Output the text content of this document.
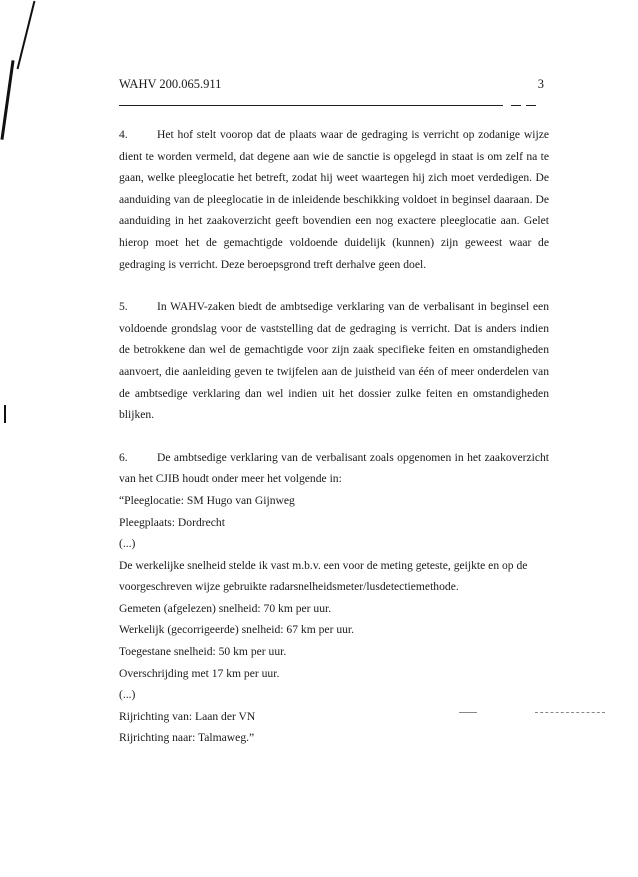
WAHV 200.065.911	3

4.	Het hof stelt voorop dat de plaats waar de gedraging is verricht op zodanige wijze dient te worden vermeld, dat degene aan wie de sanctie is opgelegd in staat is om zelf na te gaan, welke pleeglocatie het betreft, zodat hij weet waartegen hij zich moet verdedigen. De aanduiding van de pleeglocatie in de inleidende beschikking voldoet in beginsel daaraan. De aanduiding in het zaakoverzicht geeft bovendien een nog exactere pleeglocatie aan. Gelet hierop moet het de gemachtigde voldoende duidelijk (kunnen) zijn geweest waar de gedraging is verricht. Deze beroepsgrond treft derhalve geen doel.

5.	In WAHV-zaken biedt de ambtsedige verklaring van de verbalisant in beginsel een voldoende grondslag voor de vaststelling dat de gedraging is verricht. Dat is anders indien de betrokkene dan wel de gemachtigde voor zijn zaak specifieke feiten en omstandigheden aanvoert, die aanleiding geven te twijfelen aan de juistheid van één of meer onderdelen van de ambtsedige verklaring dan wel indien uit het dossier zulke feiten en omstandigheden blijken.

6.	De ambtsedige verklaring van de verbalisant zoals opgenomen in het zaakoverzicht van het CJIB houdt onder meer het volgende in:

“Pleeglocatie: SM Hugo van Gijnweg

Pleegplaats: Dordrecht

(...)

De werkelijke snelheid stelde ik vast m.b.v. een voor de meting geteste, geijkte en op de

voorgeschreven wijze gebruikte radarsnelheidsmeter/lusdetectiemethode.

Gemeten (afgelezen) snelheid: 70 km per uur.

Werkelijk (gecorrigeerde) snelheid: 67 km per uur.

Toegestane snelheid: 50 km per uur.

Overschrijding met 17 km per uur.

(...)

Rijrichting van: Laan der VN

Rijrichting naar: Talmaweg.”
